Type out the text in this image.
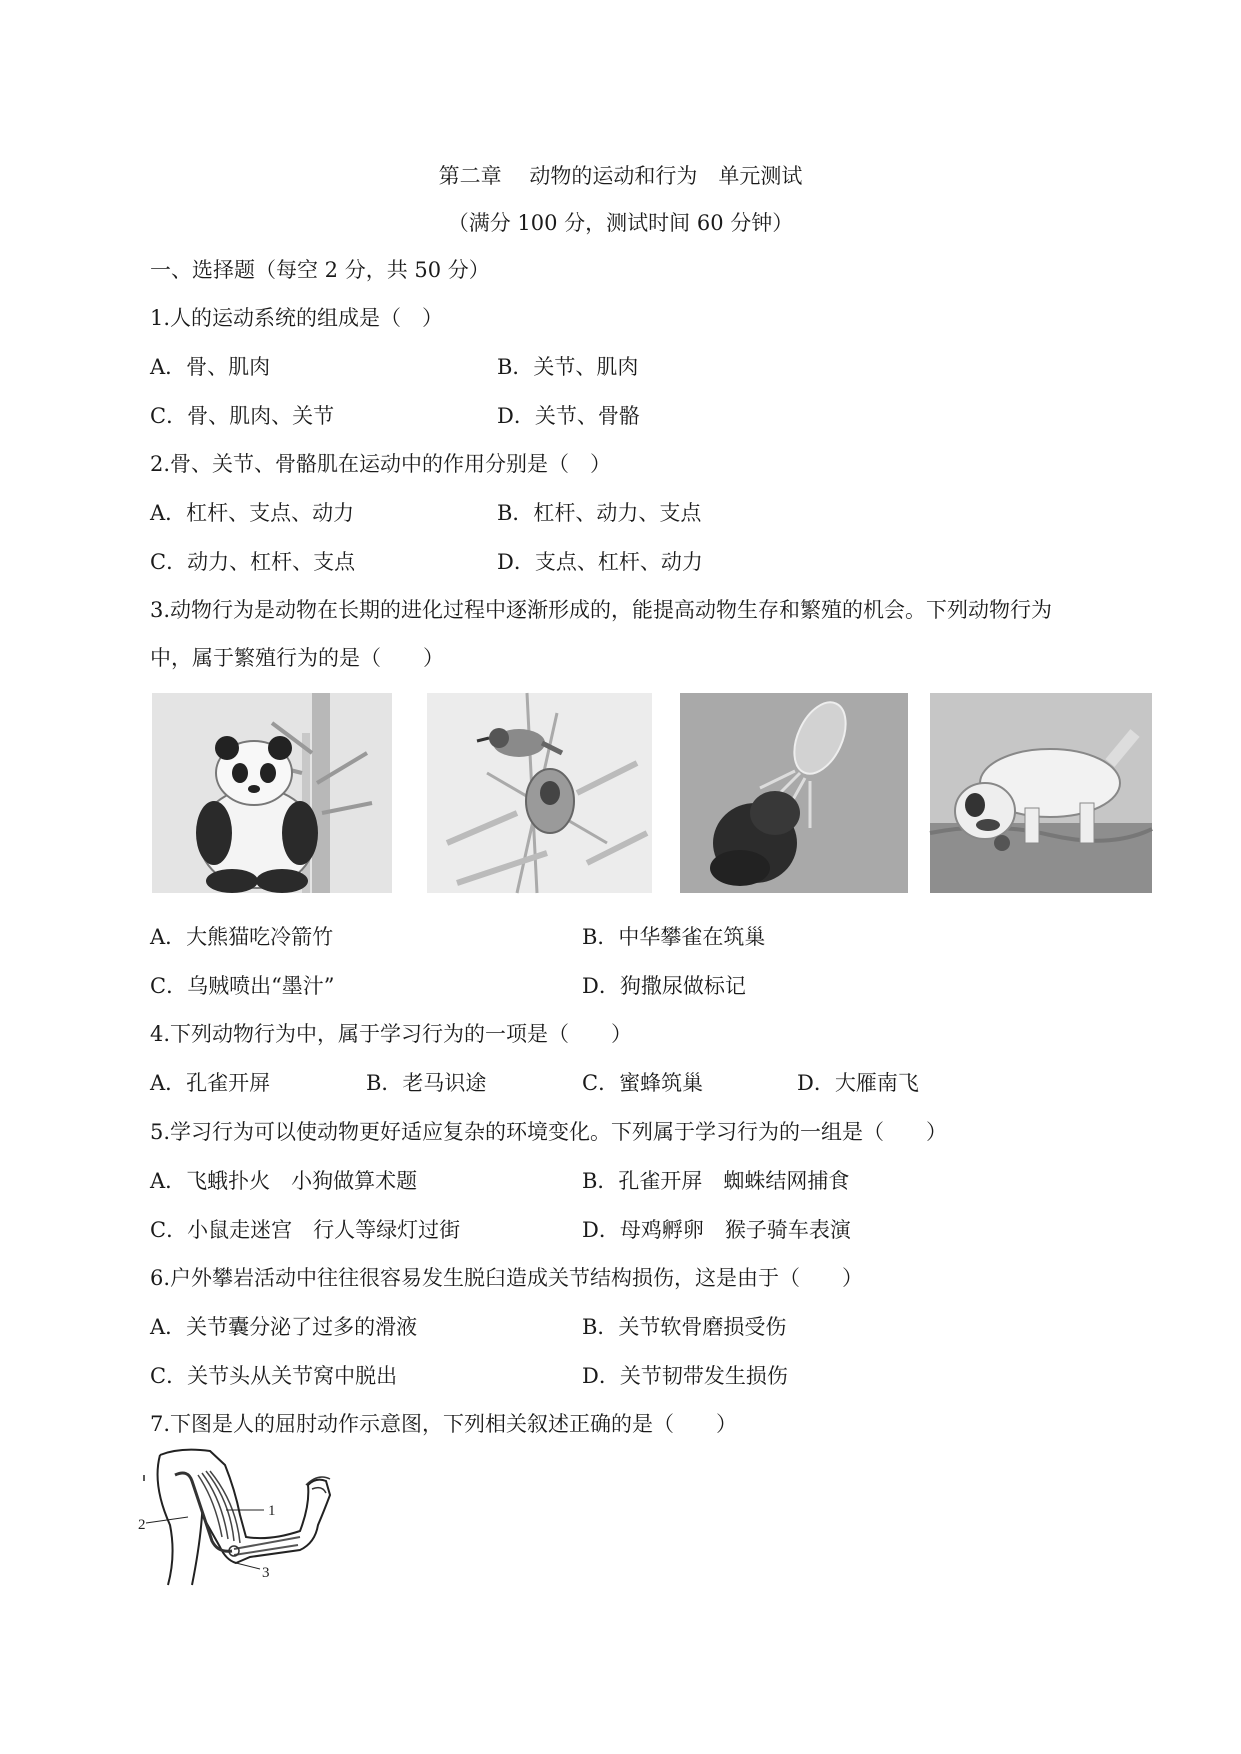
第二章　 动物的运动和行为　单元测试
（满分 100 分，测试时间 60 分钟）
一、选择题（每空 2 分，共 50 分）
1.人的运动系统的组成是（　）
A．骨、肌肉	B．关节、肌肉
C．骨、肌肉、关节	D．关节、骨骼
2.骨、关节、骨骼肌在运动中的作用分别是（　）
A．杠杆、支点、动力	B．杠杆、动力、支点
C．动力、杠杆、支点	D．支点、杠杆、动力
3.动物行为是动物在长期的进化过程中逐渐形成的，能提高动物生存和繁殖的机会。下列动物行为
中，属于繁殖行为的是（　　）
A．大熊猫吃冷箭竹	B．中华攀雀在筑巢
C．乌贼喷出“墨汁”	D．狗撒尿做标记
4.下列动物行为中，属于学习行为的一项是（　　）
A．孔雀开屏	B．老马识途	C．蜜蜂筑巢	D．大雁南飞
5.学习行为可以使动物更好适应复杂的环境变化。下列属于学习行为的一组是（　　）
A．飞蛾扑火　小狗做算术题	B．孔雀开屏　蜘蛛结网捕食
C．小鼠走迷宫　行人等绿灯过街	D．母鸡孵卵　猴子骑车表演
6.户外攀岩活动中往往很容易发生脱臼造成关节结构损伤，这是由于（　　）
A．关节囊分泌了过多的滑液	B．关节软骨磨损受伤
C．关节头从关节窝中脱出	D．关节韧带发生损伤
7.下图是人的屈肘动作示意图，下列相关叙述正确的是（　　）
1
2
3
